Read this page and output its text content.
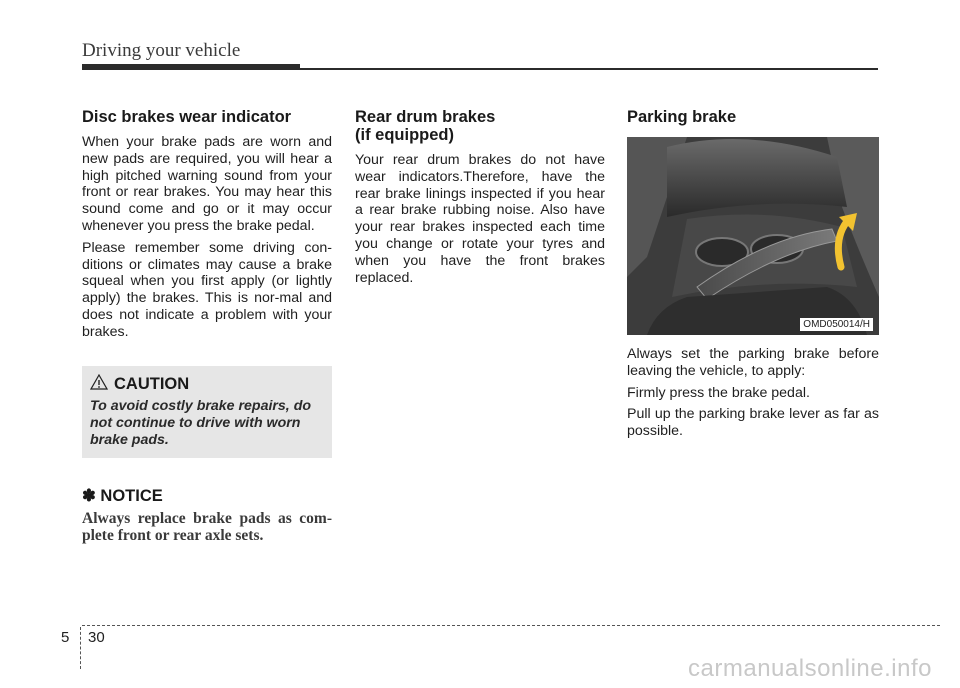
Driving your vehicle
Disc brakes wear indicator

When your brake pads are worn and new pads are required, you will hear a high pitched warning sound from your front or rear brakes. You may hear this sound come and go or it may occur whenever you press the brake pedal.

Please remember some driving con-ditions or climates may cause a brake squeal when you first apply (or lightly apply) the brakes. This is nor-mal and does not indicate a problem with your brakes.

CAUTION
To avoid costly brake repairs, do not continue to drive with worn brake pads.
✽ NOTICE
Always replace brake pads as com-plete front or rear axle sets.
Rear drum brakes
(if equipped)

Your rear drum brakes do not have wear indicators.Therefore, have the rear brake linings inspected if you hear a rear brake rubbing noise. Also have your rear brakes inspected each time you change or rotate your tyres and when you have the front brakes replaced.

Parking brake
OMD050014/H

Always set the parking brake before leaving the vehicle, to apply:

Firmly press the brake pedal.

Pull up the parking brake lever as far as possible.

5 30
carmanualsonline.info
